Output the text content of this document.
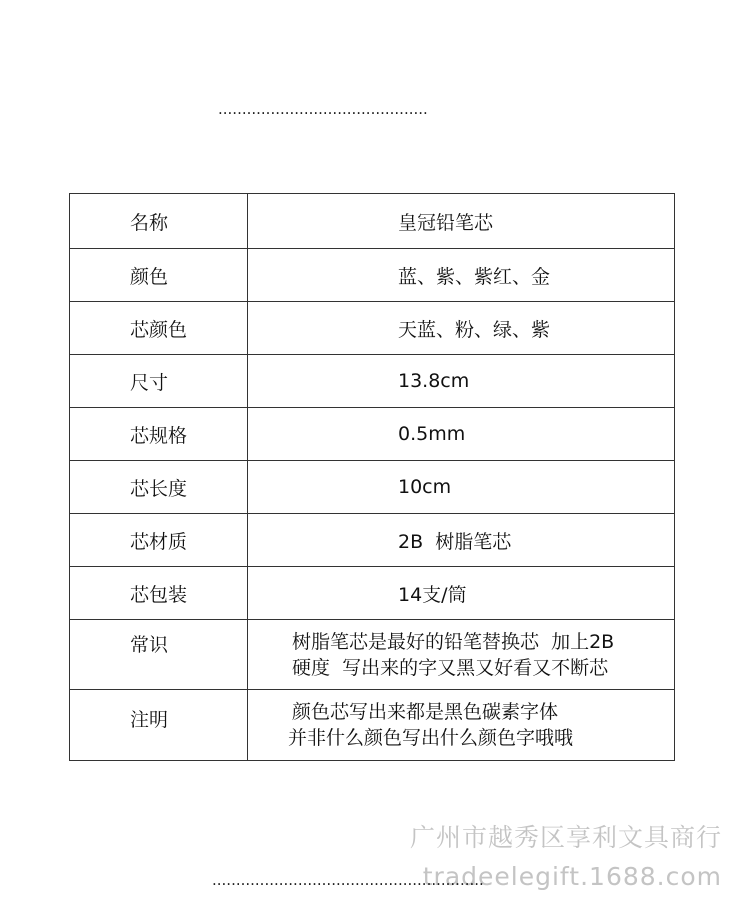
............................................
名称	皇冠铅笔芯
颜色	蓝、紫、紫红、金
芯颜色	天蓝、粉、绿、紫
尺寸	13.8cm
芯规格	0.5mm
芯长度	10cm
芯材质	2B  树脂笔芯
芯包装	14支/筒
常识	树脂笔芯是最好的铅笔替换芯  加上2B
硬度  写出来的字又黑又好看又不断芯

注明	颜色芯写出来都是黑色碳素字体
并非什么颜色写出什么颜色字哦哦
广州市越秀区享利文具商行
tradeelegift.1688.com
.........................................................
